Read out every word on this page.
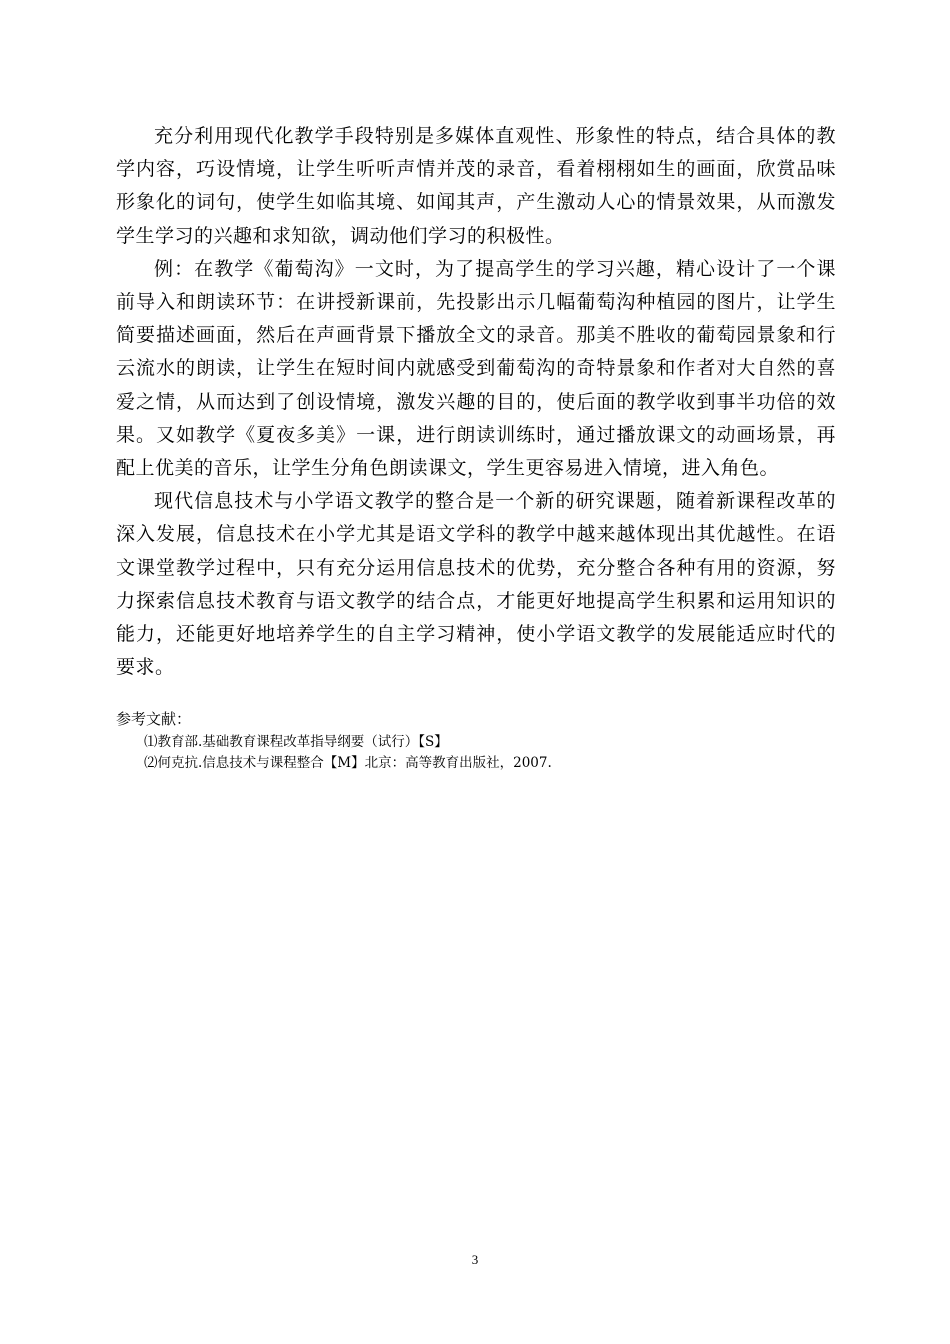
充分利用现代化教学手段特别是多媒体直观性、形象性的特点，结合具体的教学内容，巧设情境，让学生听听声情并茂的录音，看着栩栩如生的画面，欣赏品味形象化的词句，使学生如临其境、如闻其声，产生激动人心的情景效果，从而激发学生学习的兴趣和求知欲，调动他们学习的积极性。

例：在教学《葡萄沟》一文时，为了提高学生的学习兴趣，精心设计了一个课前导入和朗读环节：在讲授新课前，先投影出示几幅葡萄沟种植园的图片，让学生简要描述画面，然后在声画背景下播放全文的录音。那美不胜收的葡萄园景象和行云流水的朗读，让学生在短时间内就感受到葡萄沟的奇特景象和作者对大自然的喜爱之情，从而达到了创设情境，激发兴趣的目的，使后面的教学收到事半功倍的效果。又如教学《夏夜多美》一课，进行朗读训练时，通过播放课文的动画场景，再配上优美的音乐，让学生分角色朗读课文，学生更容易进入情境，进入角色。

现代信息技术与小学语文教学的整合是一个新的研究课题，随着新课程改革的深入发展，信息技术在小学尤其是语文学科的教学中越来越体现出其优越性。在语文课堂教学过程中，只有充分运用信息技术的优势，充分整合各种有用的资源，努力探索信息技术教育与语文教学的结合点，才能更好地提高学生积累和运用知识的能力，还能更好地培养学生的自主学习精神，使小学语文教学的发展能适应时代的要求。

参考文献：

⑴教育部.基础教育课程改革指导纲要（试行）【S】

⑵何克抗.信息技术与课程整合【M】北京：高等教育出版社，2007.

3
